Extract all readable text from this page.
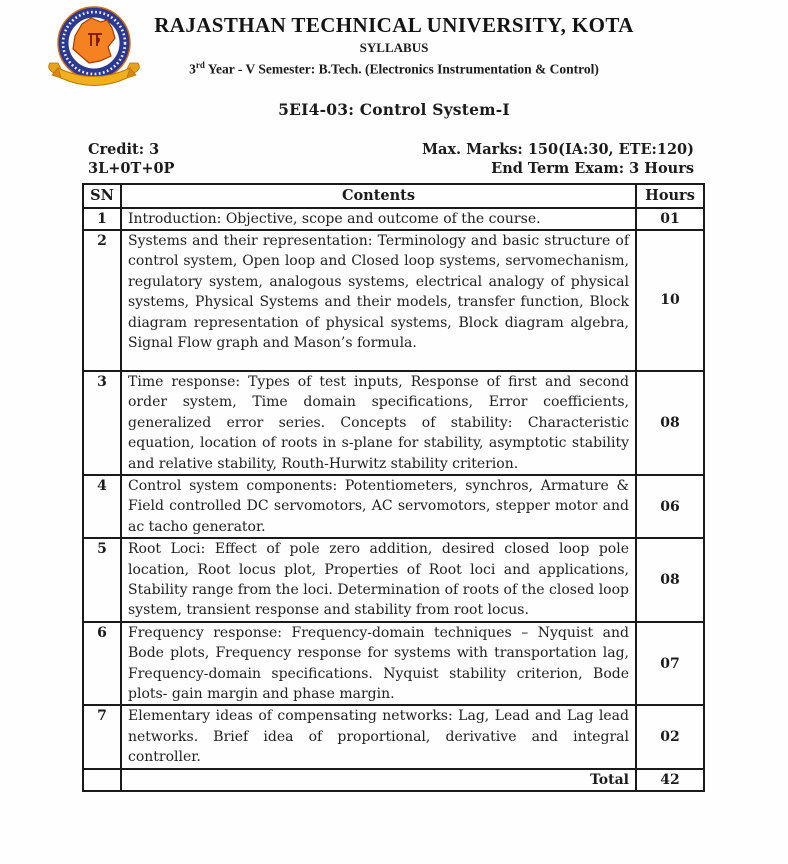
RAJASTHAN TECHNICAL UNIVERSITY, KOTA
SYLLABUS
3rd Year - V Semester: B.Tech. (Electronics Instrumentation & Control)
5EI4-03: Control System-I
Credit: 3	Max. Marks: 150(IA:30, ETE:120)
3L+0T+0P	End Term Exam: 3 Hours
SN	Contents	Hours
1	Introduction: Objective, scope and outcome of the course.	01
2	Systems and their representation: Terminology and basic structure of control system, Open loop and Closed loop systems, servomechanism, regulatory system, analogous systems, electrical analogy of physical systems, Physical Systems and their models, transfer function, Block diagram representation of physical systems, Block diagram algebra, Signal Flow graph and Mason’s formula.	10
3	Time response: Types of test inputs, Response of first and second order system, Time domain specifications, Error coefficients, generalized error series. Concepts of stability: Characteristic equation, location of roots in s-plane for stability, asymptotic stability and relative stability, Routh-Hurwitz stability criterion.	08
4	Control system components: Potentiometers, synchros, Armature & Field controlled DC servomotors, AC servomotors, stepper motor and ac tacho generator.	06
5	Root Loci: Effect of pole zero addition, desired closed loop pole location, Root locus plot, Properties of Root loci and applications, Stability range from the loci. Determination of roots of the closed loop system, transient response and stability from root locus.	08
6	Frequency response: Frequency-domain techniques – Nyquist and Bode plots, Frequency response for systems with transportation lag, Frequency-domain specifications. Nyquist stability criterion, Bode plots- gain margin and phase margin.	07
7	Elementary ideas of compensating networks: Lag, Lead and Lag lead networks. Brief idea of proportional, derivative and integral controller.	02
	Total	42
